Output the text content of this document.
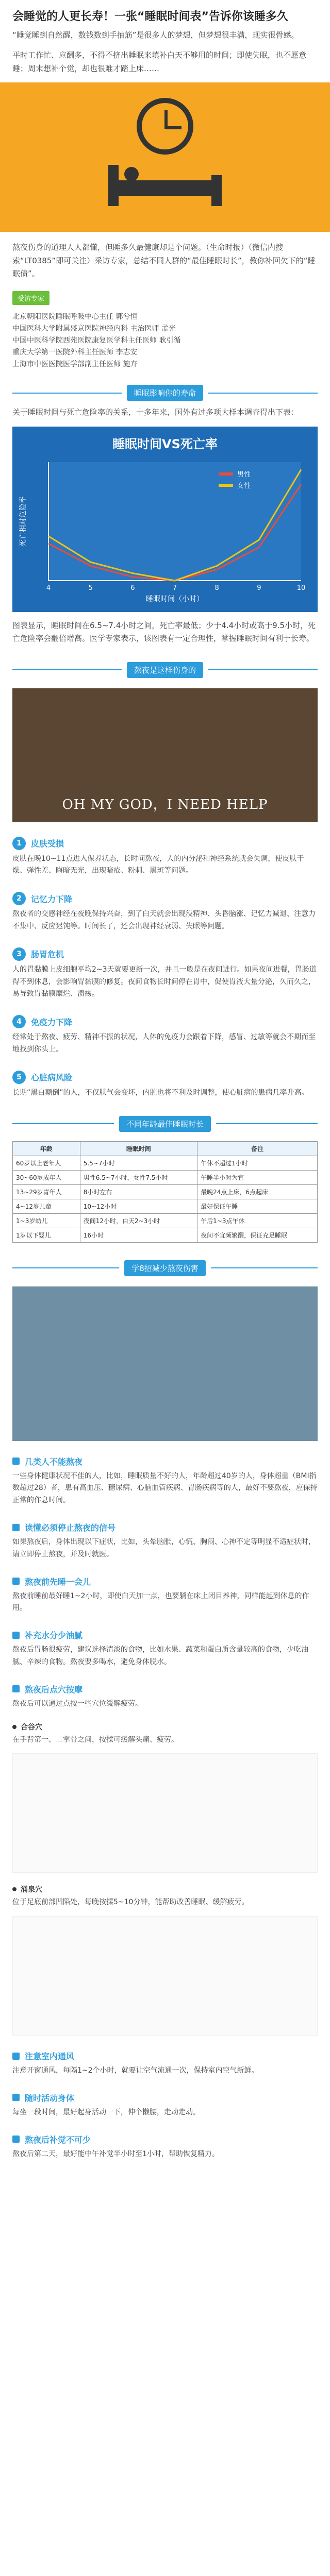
会睡觉的人更长寿！一张“睡眠时间表”告诉你该睡多久

“睡觉睡到自然醒，数钱数到手抽筋”是很多人的梦想，但梦想很丰满，现实很骨感。

平时工作忙、应酬多，不得不挤出睡眠来填补白天不够用的时间；即使失眠，也不愿意睡；周末想补个觉，却也很难才踏上床……

熬夜伤身的道理人人都懂，但睡多久最健康却是个问题。（生命时报）（微信内搜索“LT0385”即可关注）采访专家，总结不同人群的“最佳睡眠时长”，教你补回欠下的“睡眠债”。

受访专家
北京朝阳医院睡眠呼吸中心主任 郭兮恒
中国医科大学附属盛京医院神经内科 主治医师 孟光
中国中医科学院西苑医院康复医学科主任医师 耿引循
重庆大学第一医院外科主任医师 李志安
上海市中医医院医学部副主任医师 施卉
睡眠影响你的寿命

关于睡眠时间与死亡危险率的关系，十多年来，国外有过多项大样本调查得出下表：

睡眠时间VS死亡率
4	5	6	7	8	9	10
睡眠时间（小时）
死亡相对危险率
男性
女性

图表显示，睡眠时间在6.5~7.4小时之间，死亡率最低；少于4.4小时或高于9.5小时，死亡危险率会翻倍增高。医学专家表示，该图表有一定合理性，掌握睡眠时间有利于长寿。

熬夜是这样伤身的
OH MY GOD，I NEED HELP
1	皮肤受损

皮肤在晚10~11点进入保养状态，长时间熬夜，人的内分泌和神经系统就会失调，使皮肤干燥、弹性差、晦暗无光，出现暗疮、粉刺、黑斑等问题。

2	记忆力下降

熬夜者的交感神经在夜晚保持兴奋，到了白天就会出现没精神、头昏脑涨、记忆力减退、注意力不集中、反应迟钝等。时间长了，还会出现神经衰弱、失眠等问题。

3	肠胃危机

人的胃黏膜上皮细胞平均2~3天就要更新一次，并且一般是在夜间进行。如果夜间进餐，胃肠道得不到休息，会影响胃黏膜的修复。夜间食物长时间停在胃中，促使胃液大量分泌，久而久之，易导致胃黏膜糜烂、溃疡。

4	免疫力下降

经常处于熬夜、疲劳、精神不振的状况，人体的免疫力会跟着下降，感冒、过敏等就会不期而至地找到你头上。

5	心脏病风险

长期“黑白颠倒”的人，不仅肤气会变坏，内脏也将不利及时调整，使心脏病的患病几率升高。

不同年龄最佳睡眠时长
年龄	睡眠时间	备注
60岁以上老年人	5.5~7小时	午休不超过1小时
30~60岁成年人	男性6.5~7小时，女性7.5小时	午睡半小时为宜
13~29岁青年人	8小时左右	最晚24点上床，6点起床
4~12岁儿童	10~12小时	最好保证午睡
1~3岁幼儿	夜间12小时，白天2~3小时	午后1~3点午休
1岁以下婴儿	16小时	夜间不宜频繁醒，保证充足睡眠
学8招减少熬夜伤害
几类人不能熬夜

一些身体健康状况不佳的人，比如，睡眠质量不好的人，年龄超过40岁的人，身体超重（BMI指数超过28）者，患有高血压、糖尿病、心脑血管疾病、胃肠疾病等的人，最好不要熬夜，应保持正常的作息时间。

读懂必须停止熬夜的信号

如果熬夜后，身体出现以下症状，比如，头晕脑胀，心慌、胸闷、心神不定等明显不适症状时，请立即停止熬夜，并及时就医。

熬夜前先睡一会儿

熬夜前睡前最好睡1~2小时，即使白天加一点，也要躺在床上闭目养神，同样能起到休息的作用。

补充水分少油腻

熬夜后胃肠很疲劳，建议选择清淡的食物，比如水果、蔬菜和蛋白质含量较高的食物，少吃油腻、辛辣的食物。熬夜要多喝水，避免身体脱水。

熬夜后点穴按摩

熬夜后可以通过点按一些穴位缓解疲劳。

合谷穴

在手背第一、二掌骨之间，按揉可缓解头痛、疲劳。

涌泉穴

位于足底前部凹陷处，每晚按揉5~10分钟，能帮助改善睡眠、缓解疲劳。

注意室内通风

注意开窗通风，每隔1~2个小时，就要让空气流通一次，保持室内空气新鲜。

随时活动身体

每坐一段时间，最好起身活动一下，伸个懒腰，走动走动。

熬夜后补觉不可少

熬夜后第二天，最好能中午补觉半小时至1小时，帮助恢复精力。
